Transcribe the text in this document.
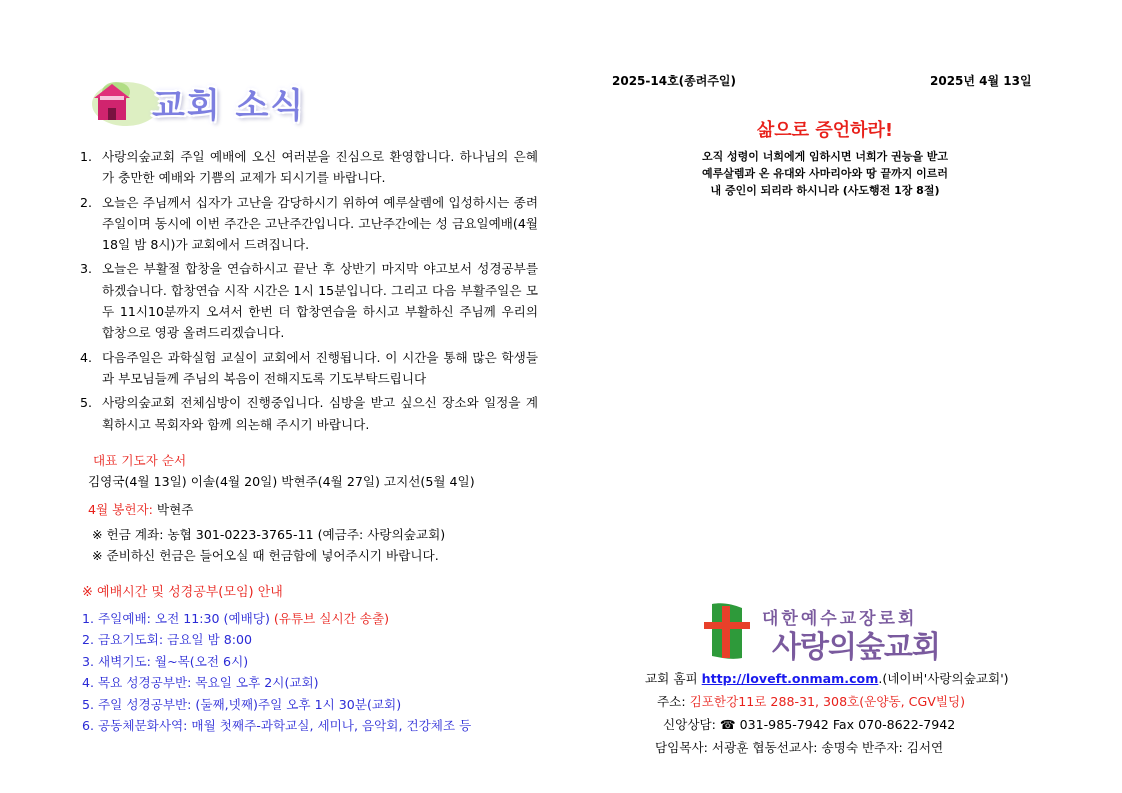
교회 소식
2025-14호(종려주일)	2025년 4월 13일
1. 사랑의숲교회 주일 예배에 오신 여러분을 진심으로 환영합니다. 하나님의 은혜가 충만한 예배와 기쁨의 교제가 되시기를 바랍니다.
2. 오늘은 주님께서 십자가 고난을 감당하시기 위하여 예루살렘에 입성하시는 종려주일이며 동시에 이번 주간은 고난주간입니다. 고난주간에는 성 금요일예배(4월18일 밤 8시)가 교회에서 드려집니다.
3. 오늘은 부활절 합창을 연습하시고 끝난 후 상반기 마지막 야고보서 성경공부를 하겠습니다. 합창연습 시작 시간은 1시 15분입니다. 그리고 다음 부활주일은 모두 11시10분까지 오셔서 한번 더 합창연습을 하시고 부활하신 주님께 우리의 합창으로 영광 올려드리겠습니다.
4. 다음주일은 과학실험 교실이 교회에서 진행됩니다. 이 시간을 통해 많은 학생들과 부모님들께 주님의 복음이 전해지도록 기도부탁드립니다
5. 사랑의숲교회 전체심방이 진행중입니다. 심방을 받고 싶으신 장소와 일정을 계획하시고 목회자와 함께 의논해 주시기 바랍니다.
대표 기도자 순서
김영국(4월 13일) 이솔(4월 20일) 박현주(4월 27일) 고지선(5월 4일)
4월 봉헌자: 박현주
※ 헌금 계좌: 농협 301-0223-3765-11 (예금주: 사랑의숲교회)
※ 준비하신 헌금은 들어오실 때 헌금함에 넣어주시기 바랍니다.
※ 예배시간 및 성경공부(모임) 안내
1. 주일예배: 오전 11:30 (예배당) (유튜브 실시간 송출)
2. 금요기도회: 금요일 밤 8:00
3. 새벽기도: 월~목(오전 6시)
4. 목요 성경공부반: 목요일 오후 2시(교회)
5. 주일 성경공부반: (둘째,넷째)주일 오후 1시 30분(교회)
6. 공동체문화사역: 매월 첫째주-과학교실, 세미나, 음악회, 건강체조 등
삶으로 증언하라!
오직 성령이 너희에게 임하시면 너희가 권능을 받고
예루살렘과 온 유대와 사마리아와 땅 끝까지 이르러
내 증인이 되리라 하시니라 (사도행전 1장 8절)
대한예수교장로회
사랑의숲교회
교회 홈피 http://loveft.onmam.com.(네이버'사랑의숲교회')
주소: 김포한강11로 288-31, 308호(운양동, CGV빌딩)
신앙상담: ☎ 031-985-7942 Fax 070-8622-7942
담임목사: 서광훈 협동선교사: 송명숙 반주자: 김서연
